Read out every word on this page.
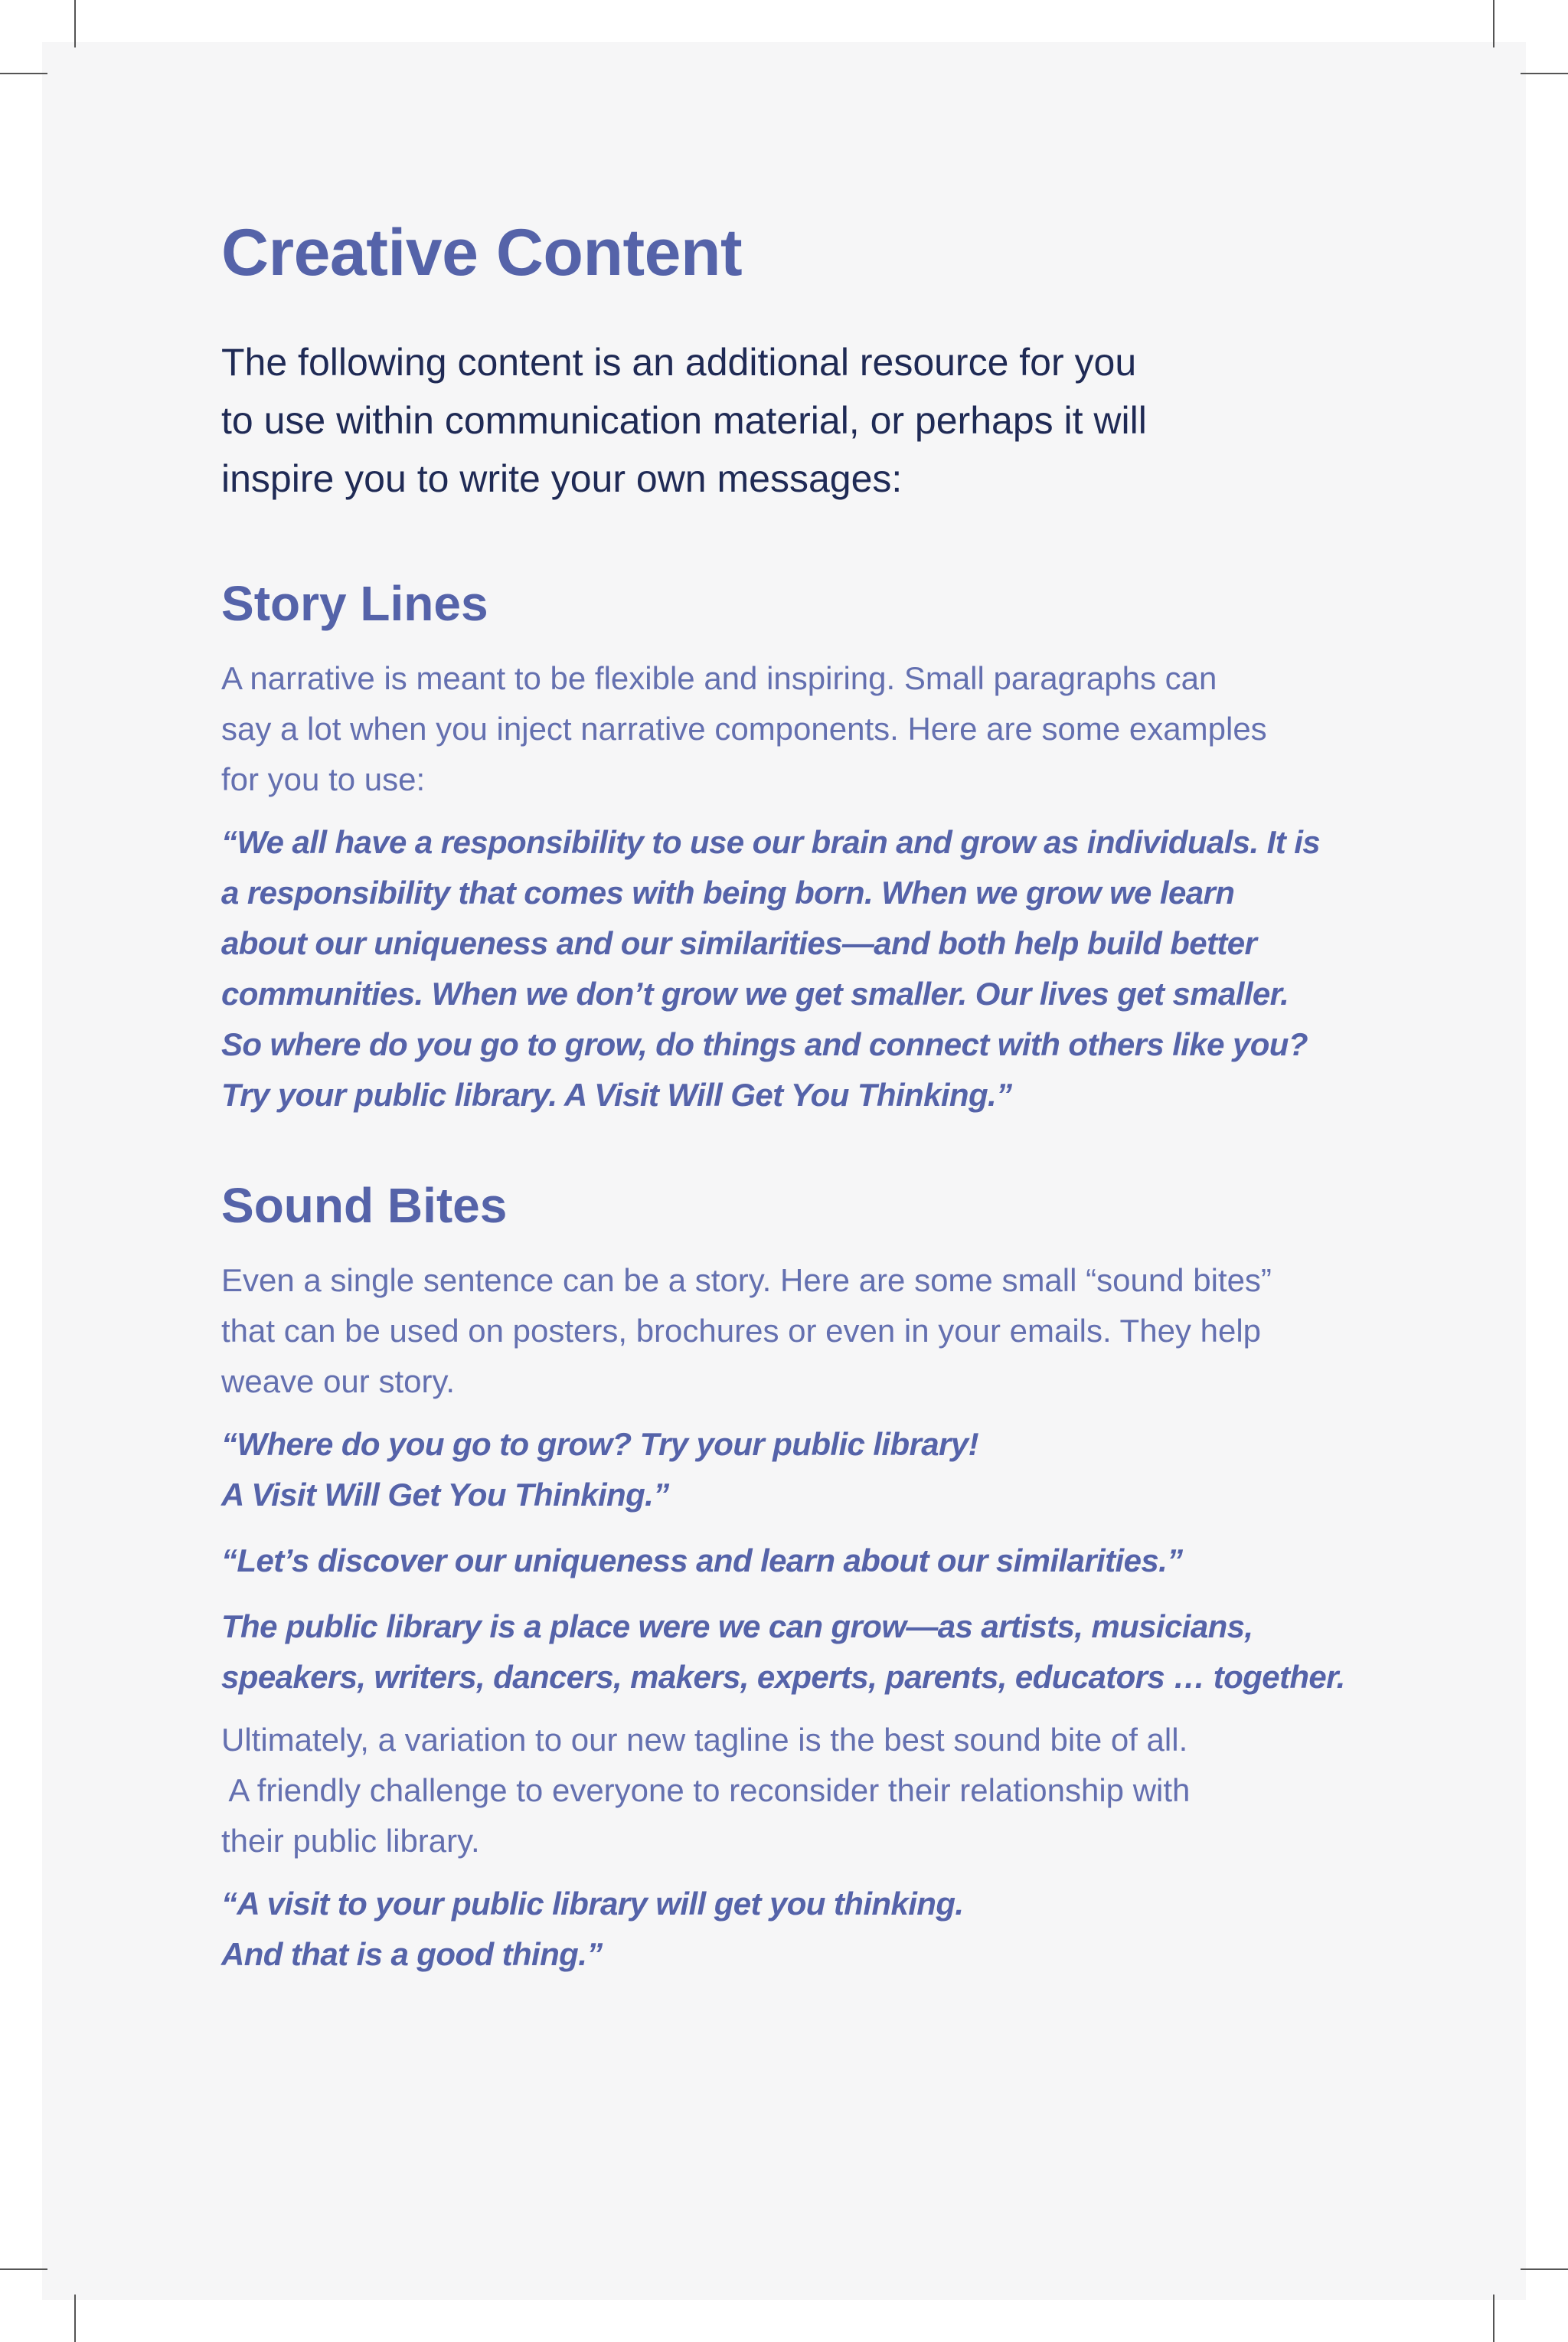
Creative Content

The following content is an additional resource for you
to use within communication material, or perhaps it will
inspire you to write your own messages:

Story Lines

A narrative is meant to be flexible and inspiring. Small paragraphs can
say a lot when you inject narrative components. Here are some examples
for you to use:

“We all have a responsibility to use our brain and grow as individuals. It is
a responsibility that comes with being born. When we grow we learn
about our uniqueness and our similarities—and both help build better
communities. When we don’t grow we get smaller. Our lives get smaller.
So where do you go to grow, do things and connect with others like you?
Try your public library. A Visit Will Get You Thinking.”

Sound Bites

Even a single sentence can be a story. Here are some small “sound bites”
that can be used on posters, brochures or even in your emails. They help
weave our story.

“Where do you go to grow? Try your public library!
A Visit Will Get You Thinking.”

“Let’s discover our uniqueness and learn about our similarities.”

The public library is a place were we can grow—as artists, musicians,
speakers, writers, dancers, makers, experts, parents, educators … together.

Ultimately, a variation to our new tagline is the best sound bite of all.
A friendly challenge to everyone to reconsider their relationship with
their public library.

“A visit to your public library will get you thinking.
And that is a good thing.”
